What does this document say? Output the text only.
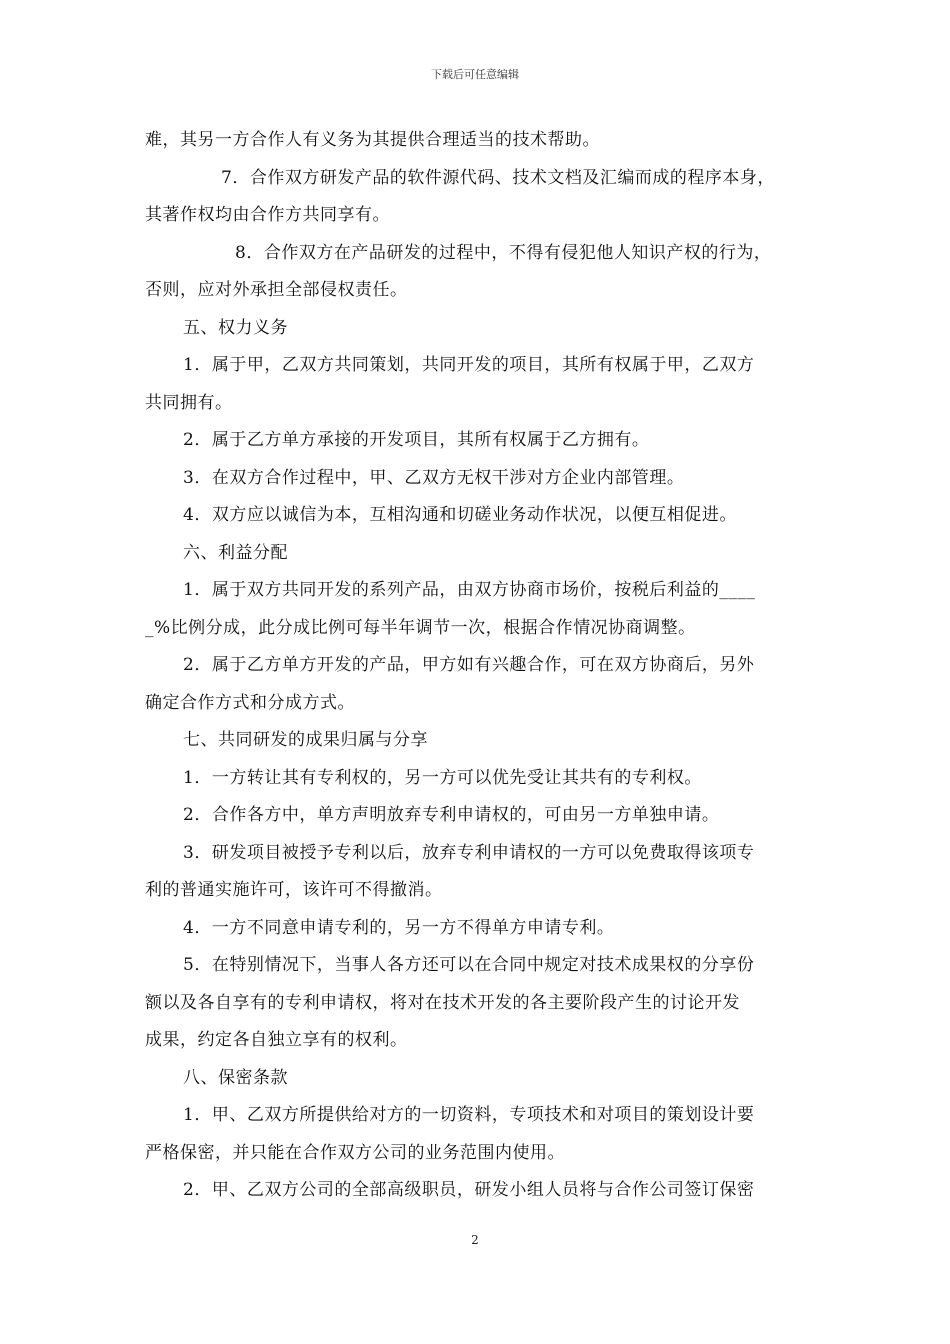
下载后可任意编辑

难，其另一方合作人有义务为其提供合理适当的技术帮助。

7．合作双方研发产品的软件源代码、技术文档及汇编而成的程序本身，

其著作权均由合作方共同享有。

8．合作双方在产品研发的过程中，不得有侵犯他人知识产权的行为，

否则，应对外承担全部侵权责任。

五、权力义务

1．属于甲，乙双方共同策划，共同开发的项目，其所有权属于甲，乙双方

共同拥有。

2．属于乙方单方承接的开发项目，其所有权属于乙方拥有。

3．在双方合作过程中，甲、乙双方无权干涉对方企业内部管理。

4．双方应以诚信为本，互相沟通和切磋业务动作状况，以便互相促进。

六、利益分配

1．属于双方共同开发的系列产品，由双方协商市场价，按税后利益的____

_%比例分成，此分成比例可每半年调节一次，根据合作情况协商调整。

2．属于乙方单方开发的产品，甲方如有兴趣合作，可在双方协商后，另外

确定合作方式和分成方式。

七、共同研发的成果归属与分享

1．一方转让其有专利权的，另一方可以优先受让其共有的专利权。

2．合作各方中，单方声明放弃专利申请权的，可由另一方单独申请。

3．研发项目被授予专利以后，放弃专利申请权的一方可以免费取得该项专

利的普通实施许可，该许可不得撤消。

4．一方不同意申请专利的，另一方不得单方申请专利。

5．在特别情况下，当事人各方还可以在合同中规定对技术成果权的分享份

额以及各自享有的专利申请权，将对在技术开发的各主要阶段产生的讨论开发

成果，约定各自独立享有的权利。

八、保密条款

1．甲、乙双方所提供给对方的一切资料，专项技术和对项目的策划设计要

严格保密，并只能在合作双方公司的业务范围内使用。

2．甲、乙双方公司的全部高级职员，研发小组人员将与合作公司签订保密

2
